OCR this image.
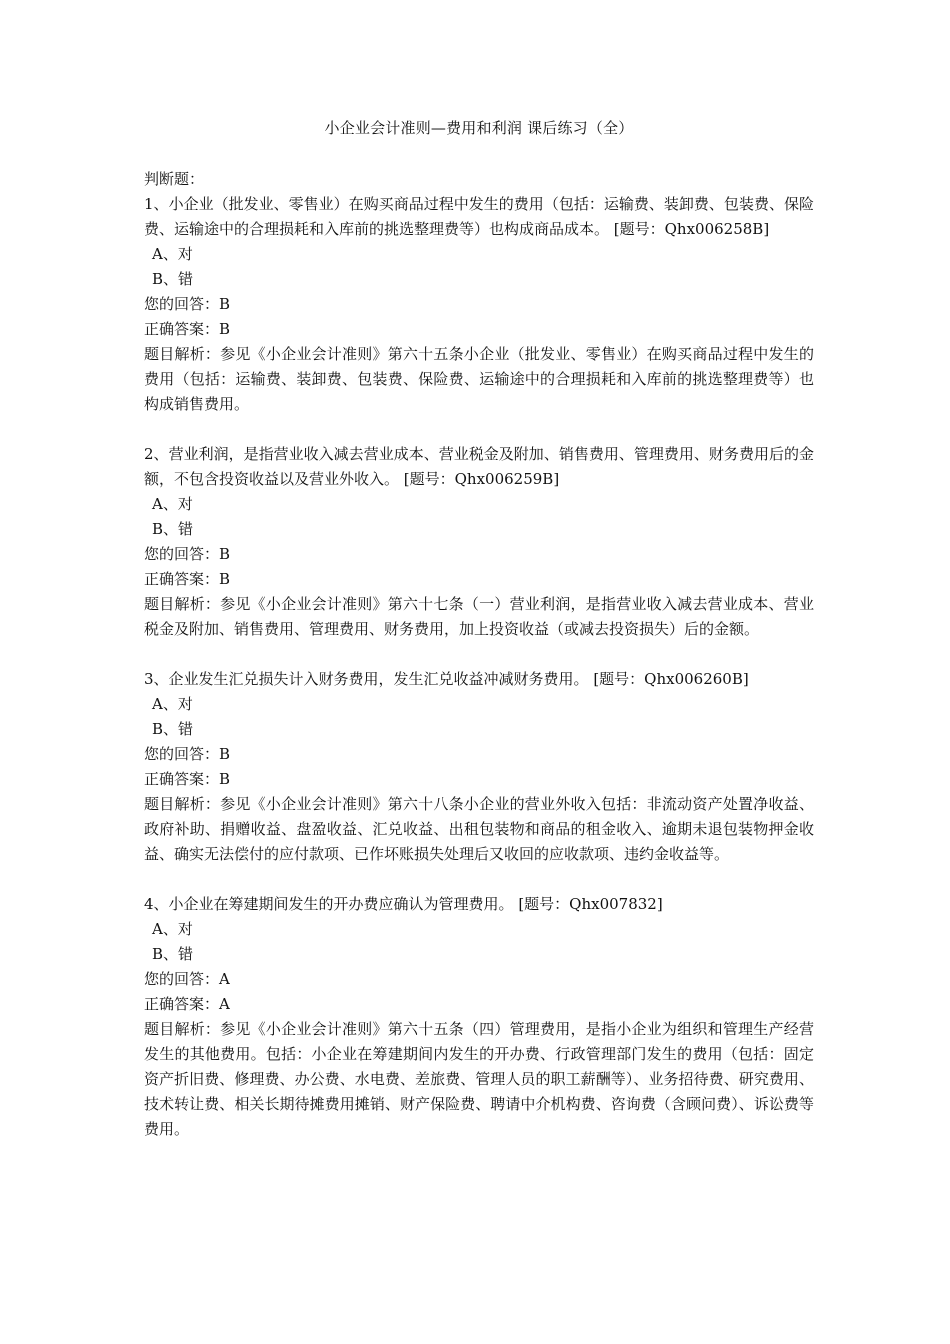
小企业会计准则—费用和利润 课后练习（全）
判断题：
1、小企业（批发业、零售业）在购买商品过程中发生的费用（包括：运输费、装卸费、包装费、保险费、运输途中的合理损耗和入库前的挑选整理费等）也构成商品成本。 [题号：Qhx006258B]
A、对
B、错
您的回答：B
正确答案：B
题目解析：参见《小企业会计准则》第六十五条小企业（批发业、零售业）在购买商品过程中发生的费用（包括：运输费、装卸费、包装费、保险费、运输途中的合理损耗和入库前的挑选整理费等）也构成销售费用。
2、营业利润，是指营业收入减去营业成本、营业税金及附加、销售费用、管理费用、财务费用后的金额，不包含投资收益以及营业外收入。 [题号：Qhx006259B]
A、对
B、错
您的回答：B
正确答案：B
题目解析：参见《小企业会计准则》第六十七条（一）营业利润，是指营业收入减去营业成本、营业税金及附加、销售费用、管理费用、财务费用，加上投资收益（或减去投资损失）后的金额。
3、企业发生汇兑损失计入财务费用，发生汇兑收益冲减财务费用。 [题号：Qhx006260B]
A、对
B、错
您的回答：B
正确答案：B
题目解析：参见《小企业会计准则》第六十八条小企业的营业外收入包括：非流动资产处置净收益、政府补助、捐赠收益、盘盈收益、汇兑收益、出租包装物和商品的租金收入、逾期未退包装物押金收益、确实无法偿付的应付款项、已作坏账损失处理后又收回的应收款项、违约金收益等。
4、小企业在筹建期间发生的开办费应确认为管理费用。 [题号：Qhx007832]
A、对
B、错
您的回答：A
正确答案：A
题目解析：参见《小企业会计准则》第六十五条（四）管理费用，是指小企业为组织和管理生产经营发生的其他费用。包括：小企业在筹建期间内发生的开办费、行政管理部门发生的费用（包括：固定资产折旧费、修理费、办公费、水电费、差旅费、管理人员的职工薪酬等）、业务招待费、研究费用、技术转让费、相关长期待摊费用摊销、财产保险费、聘请中介机构费、咨询费（含顾问费）、诉讼费等费用。
